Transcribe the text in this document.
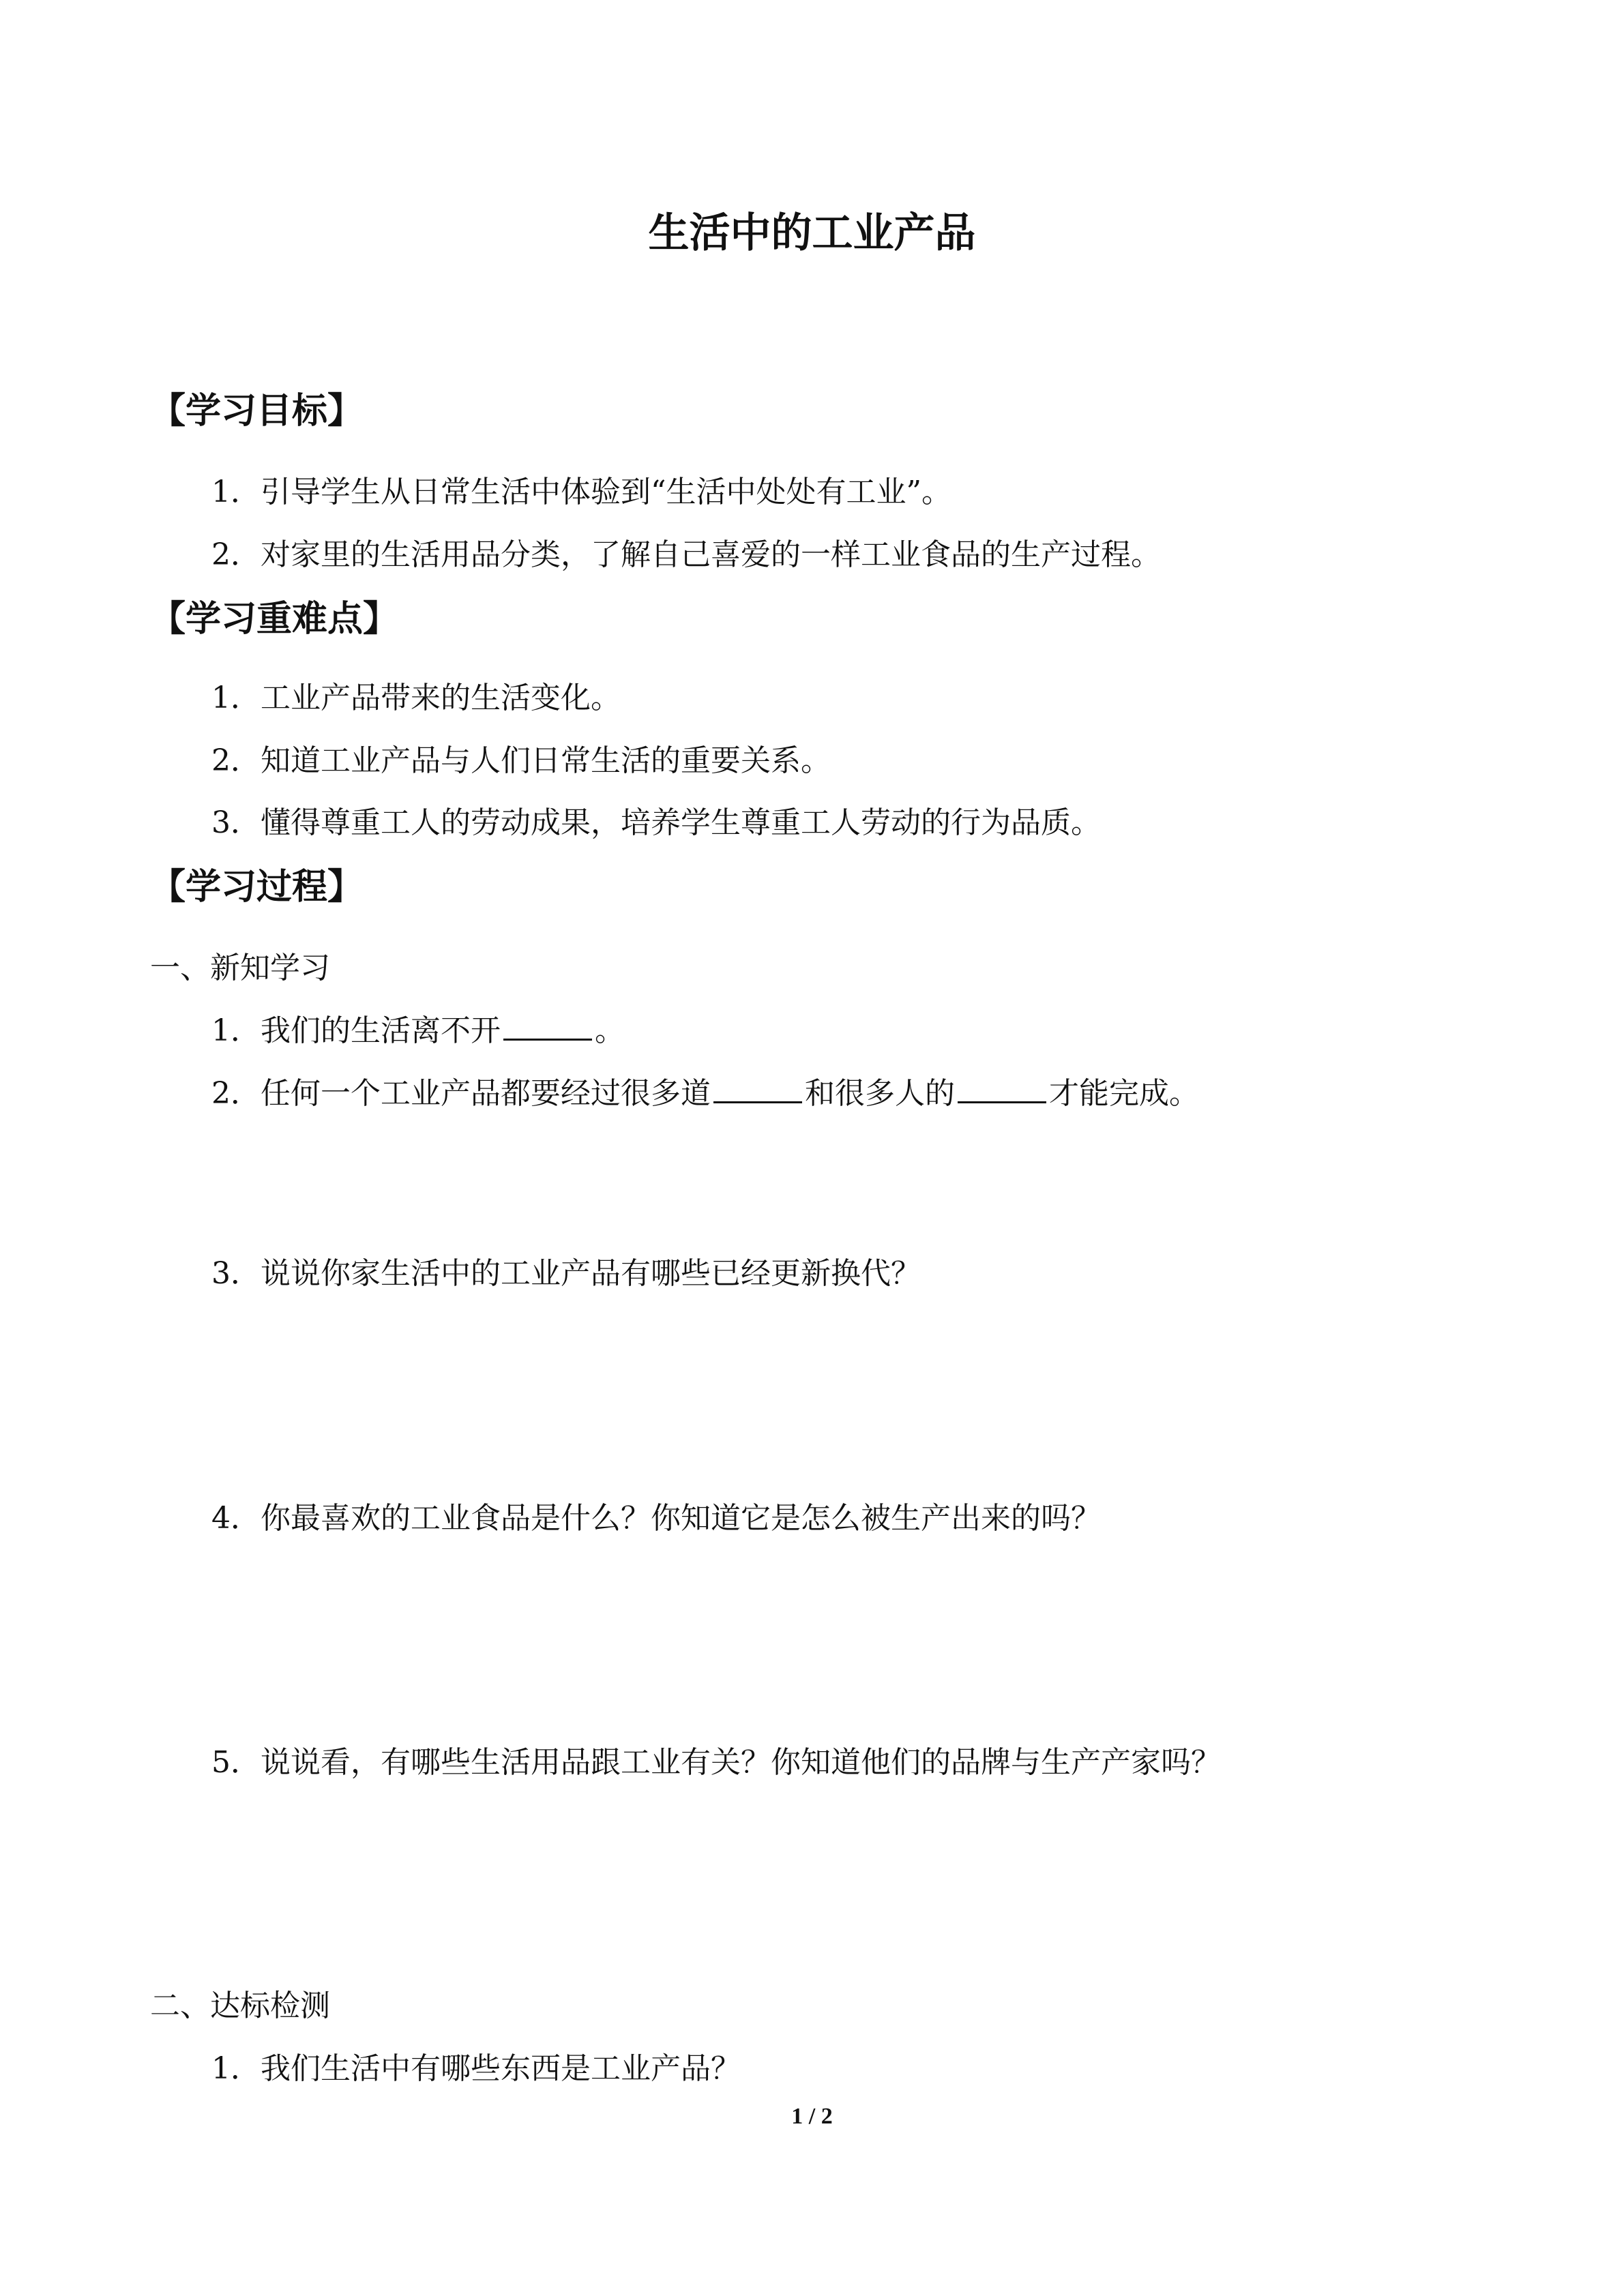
生活中的工业产品
【学习目标】
1．引导学生从日常生活中体验到“生活中处处有工业”。
2．对家里的生活用品分类，了解自己喜爱的一样工业食品的生产过程。
【学习重难点】
1．工业产品带来的生活变化。
2．知道工业产品与人们日常生活的重要关系。
3．懂得尊重工人的劳动成果，培养学生尊重工人劳动的行为品质。
【学习过程】
一、新知学习
1．我们的生活离不开	。
2．任何一个工业产品都要经过很多道	和很多人的	才能完成。
3．说说你家生活中的工业产品有哪些已经更新换代？
4．你最喜欢的工业食品是什么？你知道它是怎么被生产出来的吗？
5．说说看，有哪些生活用品跟工业有关？你知道他们的品牌与生产产家吗？
二、达标检测
1．我们生活中有哪些东西是工业产品？
1 / 2
